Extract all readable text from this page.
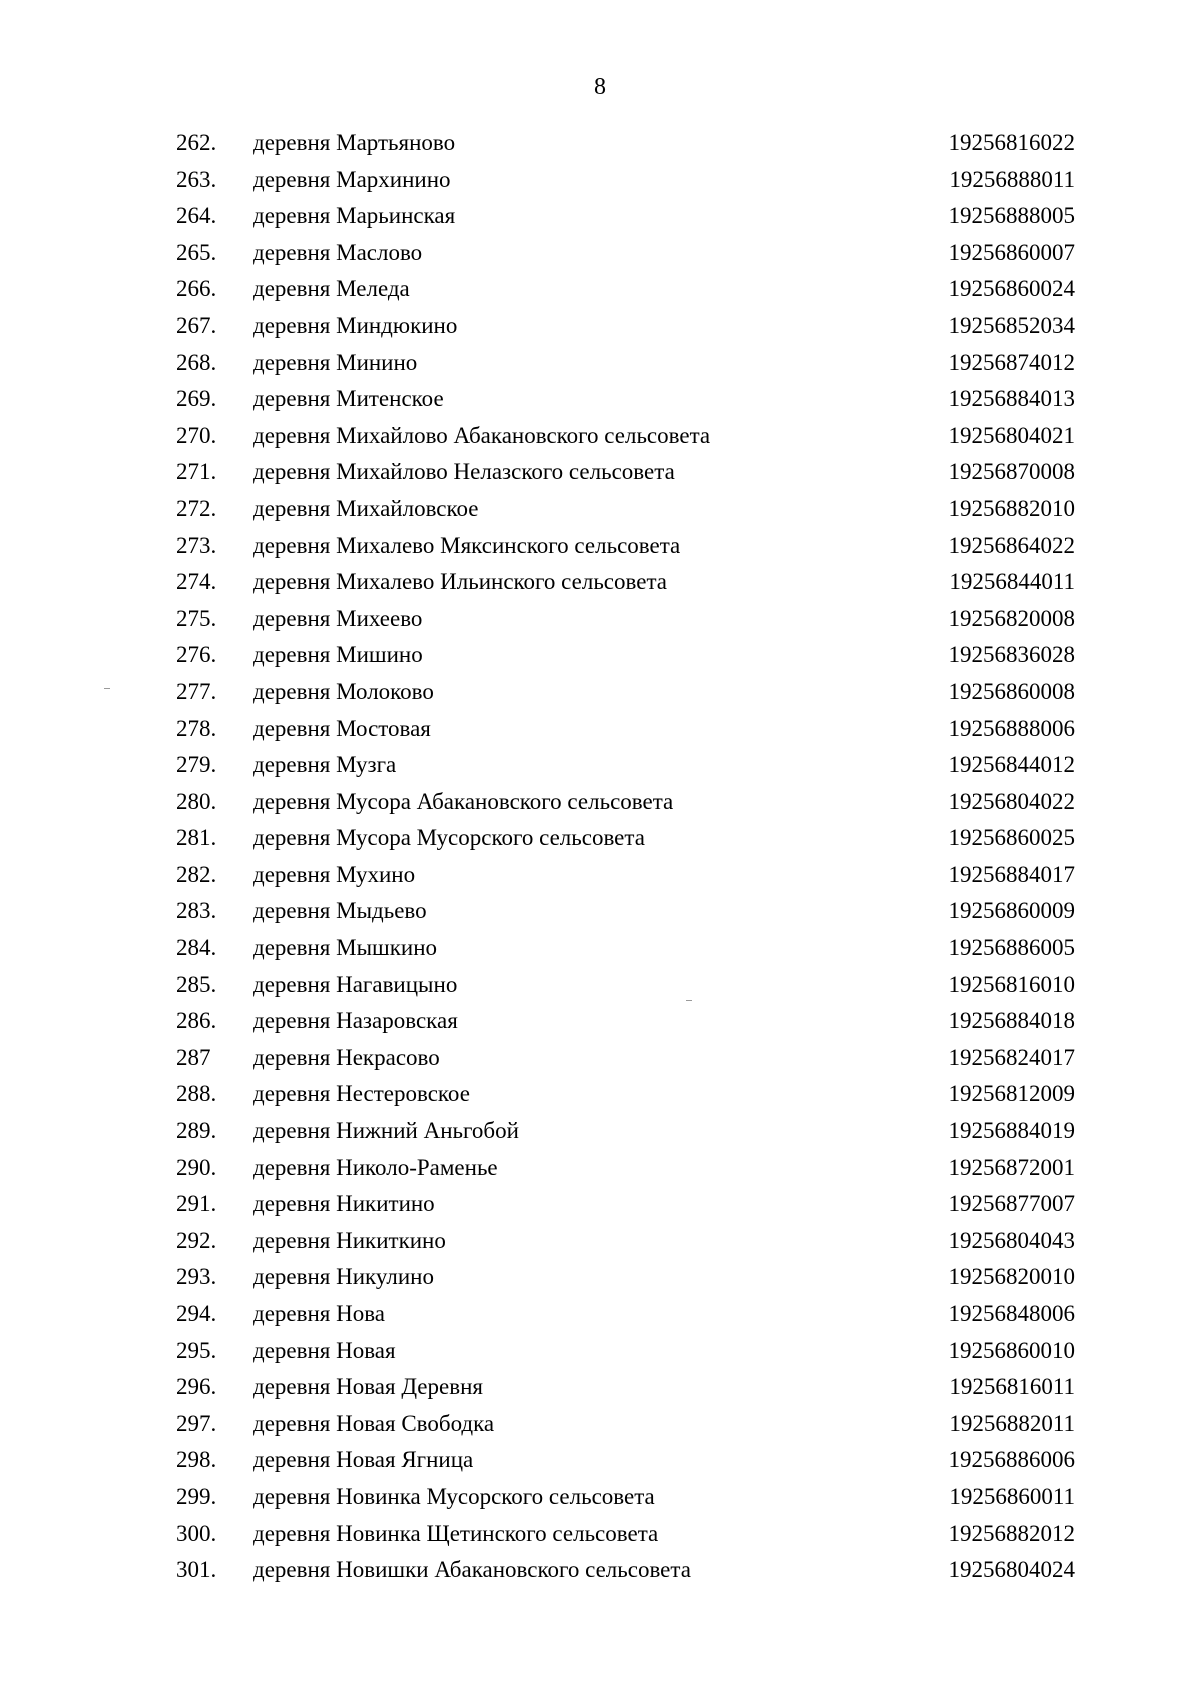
8
262. деревня Мартьяново	19256816022
263. деревня Мархинино	19256888011
264. деревня Марьинская	19256888005
265. деревня Маслово	19256860007
266. деревня Меледа	19256860024
267. деревня Миндюкино	19256852034
268. деревня Минино	19256874012
269. деревня Митенское	19256884013
270. деревня Михайлово Абакановского сельсовета	19256804021
271. деревня Михайлово Нелазского сельсовета	19256870008
272. деревня Михайловское	19256882010
273. деревня Михалево Мяксинского сельсовета	19256864022
274. деревня Михалево Ильинского сельсовета	19256844011
275. деревня Михеево	19256820008
276. деревня Мишино	19256836028
277. деревня Молоково	19256860008
278. деревня Мостовая	19256888006
279. деревня Музга	19256844012
280. деревня Мусора Абакановского сельсовета	19256804022
281. деревня Мусора Мусорского сельсовета	19256860025
282. деревня Мухино	19256884017
283. деревня Мыдьево	19256860009
284. деревня Мышкино	19256886005
285. деревня Нагавицыно	19256816010
286. деревня Назаровская	19256884018
287 деревня Некрасово	19256824017
288. деревня Нестеровское	19256812009
289. деревня Нижний Аньгобой	19256884019
290. деревня Николо-Раменье	19256872001
291. деревня Никитино	19256877007
292. деревня Никиткино	19256804043
293. деревня Никулино	19256820010
294. деревня Нова	19256848006
295. деревня Новая	19256860010
296. деревня Новая Деревня	19256816011
297. деревня Новая Свободка	19256882011
298. деревня Новая Ягница	19256886006
299. деревня Новинка Мусорского сельсовета	19256860011
300. деревня Новинка Щетинского сельсовета	19256882012
301. деревня Новишки Абакановского сельсовета	19256804024
